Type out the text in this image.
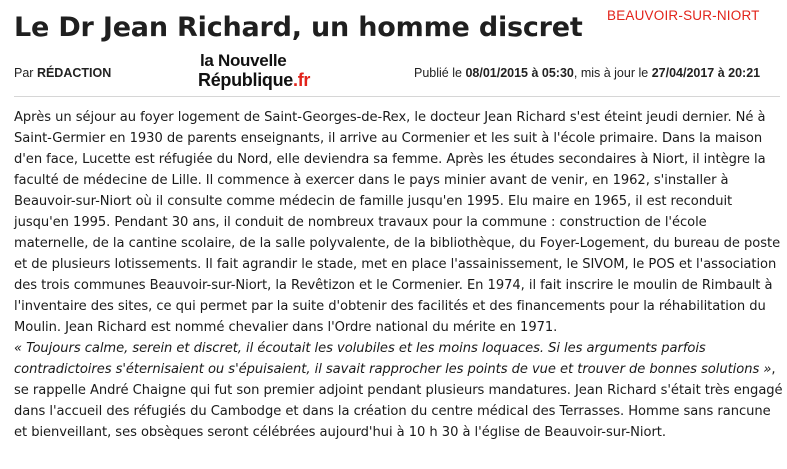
Le Dr Jean Richard, un homme discret BEAUVOIR-SUR-NIORT
Par RÉDACTION
la Nouvelle
République.fr	Publié le 08/01/2015 à 05:30, mis à jour le 27/04/2017 à 20:21
Après un séjour au foyer logement de Saint-Georges-de-Rex, le docteur Jean Richard s'est éteint jeudi dernier. Né à Saint-Germier en 1930 de parents enseignants, il arrive au Cormenier et les suit à l'école primaire. Dans la maison d'en face, Lucette est réfugiée du Nord, elle deviendra sa femme. Après les études secondaires à Niort, il intègre la faculté de médecine de Lille. Il commence à exercer dans le pays minier avant de venir, en 1962, s'installer à Beauvoir-sur-Niort où il consulte comme médecin de famille jusqu'en 1995. Elu maire en 1965, il est reconduit jusqu'en 1995. Pendant 30 ans, il conduit de nombreux travaux pour la commune : construction de l'école maternelle, de la cantine scolaire, de la salle polyvalente, de la bibliothèque, du Foyer-Logement, du bureau de poste et de plusieurs lotissements. Il fait agrandir le stade, met en place l'assainissement, le SIVOM, le POS et l'association des trois communes Beauvoir-sur-Niort, la Revêtizon et le Cormenier. En 1974, il fait inscrire le moulin de Rimbault à l'inventaire des sites, ce qui permet par la suite d'obtenir des facilités et des financements pour la réhabilitation du Moulin. Jean Richard est nommé chevalier dans l'Ordre national du mérite en 1971.
« Toujours calme, serein et discret, il écoutait les volubiles et les moins loquaces. Si les arguments parfois contradictoires s'éternisaient ou s'épuisaient, il savait rapprocher les points de vue et trouver de bonnes solutions », se rappelle André Chaigne qui fut son premier adjoint pendant plusieurs mandatures. Jean Richard s'était très engagé dans l'accueil des réfugiés du Cambodge et dans la création du centre médical des Terrasses. Homme sans rancune et bienveillant, ses obsèques seront célébrées aujourd'hui à 10 h 30 à l'église de Beauvoir-sur-Niort.
